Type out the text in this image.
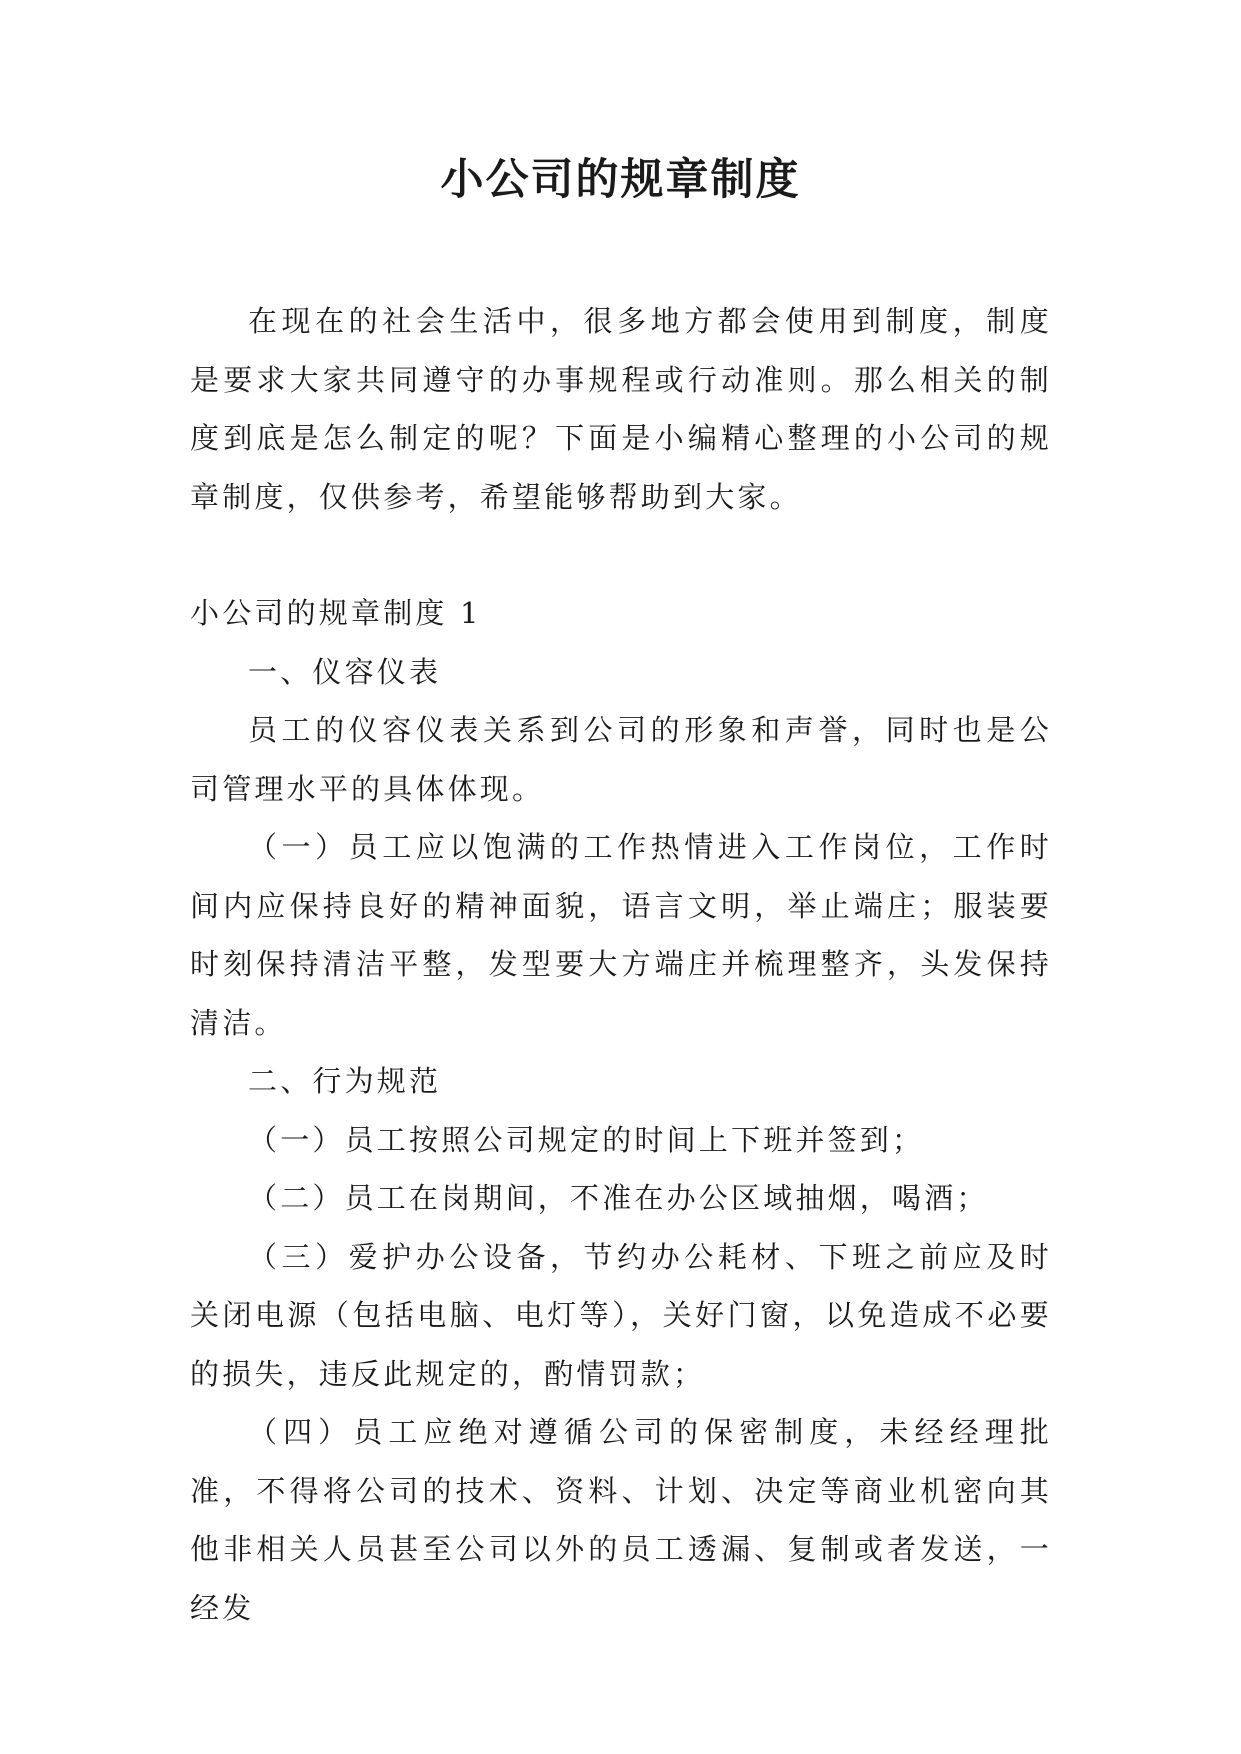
小公司的规章制度

在现在的社会生活中，很多地方都会使用到制度，制度是要求大家共同遵守的办事规程或行动准则。那么相关的制度到底是怎么制定的呢？下面是小编精心整理的小公司的规章制度，仅供参考，希望能够帮助到大家。

小公司的规章制度 1

一、仪容仪表

员工的仪容仪表关系到公司的形象和声誉，同时也是公司管理水平的具体体现。

（一）员工应以饱满的工作热情进入工作岗位，工作时间内应保持良好的精神面貌，语言文明，举止端庄；服装要时刻保持清洁平整，发型要大方端庄并梳理整齐，头发保持清洁。

二、行为规范

（一）员工按照公司规定的时间上下班并签到；

（二）员工在岗期间，不准在办公区域抽烟，喝酒；

（三）爱护办公设备，节约办公耗材、下班之前应及时关闭电源（包括电脑、电灯等），关好门窗，以免造成不必要的损失，违反此规定的，酌情罚款；

（四）员工应绝对遵循公司的保密制度，未经经理批准，不得将公司的技术、资料、计划、决定等商业机密向其他非相关人员甚至公司以外的员工透漏、复制或者发送，一经发
